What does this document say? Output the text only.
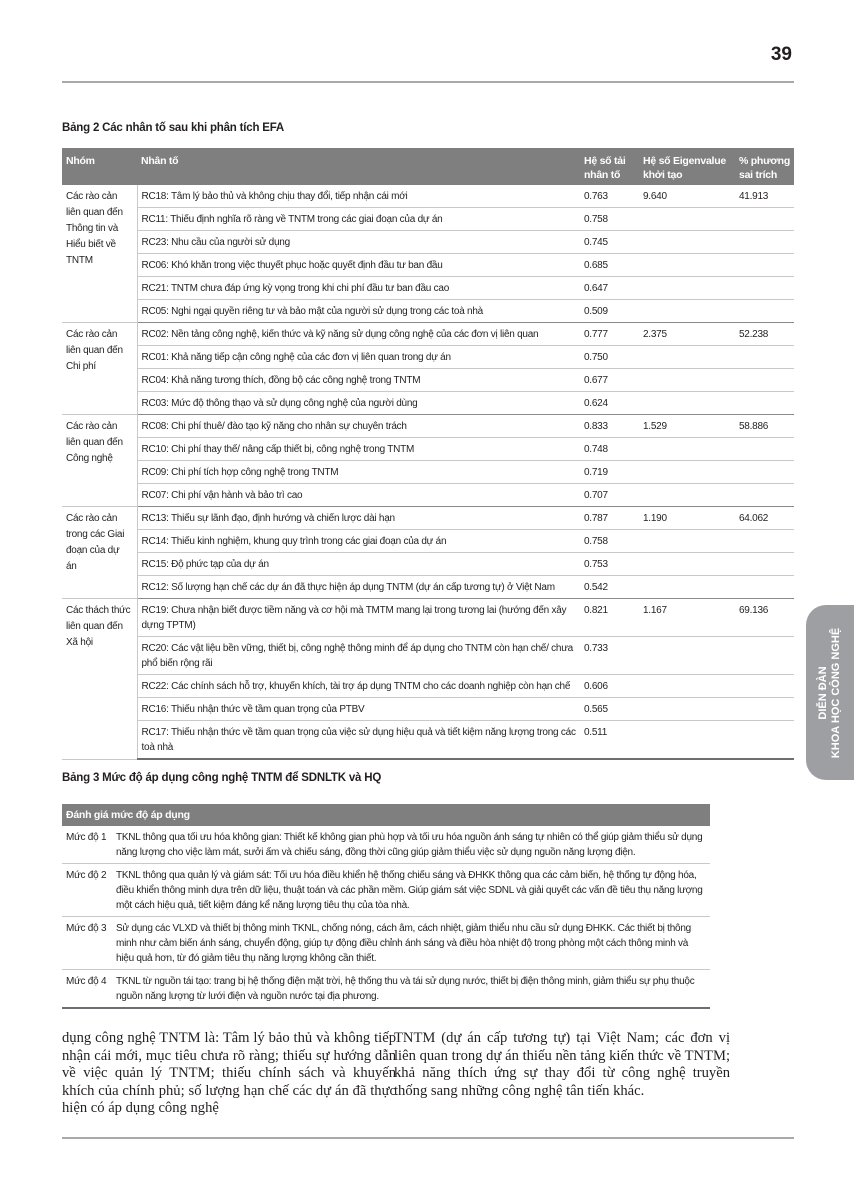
39
Bảng 2 Các nhân tố sau khi phân tích EFA
Nhóm	Nhân tố	Hệ số tải nhân tố	Hệ số Eigenvalue khởi tạo	% phương sai trích
Các rào cản liên quan đến Thông tin và Hiểu biết về TNTM	RC18: Tâm lý bảo thủ và không chịu thay đổi, tiếp nhận cái mới	0.763	9.640	41.913
	RC11: Thiếu định nghĩa rõ ràng về TNTM trong các giai đoạn của dự án	0.758		
	RC23: Nhu cầu của người sử dụng	0.745		
	RC06: Khó khăn trong việc thuyết phục hoặc quyết định đầu tư ban đầu	0.685		
	RC21: TNTM chưa đáp ứng kỳ vọng trong khi chi phí đầu tư ban đầu cao	0.647		
	RC05: Nghi ngại quyền riêng tư và bảo mật của người sử dụng trong các toà nhà	0.509		
Các rào cản liên quan đến Chi phí	RC02: Nền tảng công nghệ, kiến thức và kỹ năng sử dụng công nghệ của các đơn vị liên quan	0.777	2.375	52.238
	RC01: Khả năng tiếp cận công nghệ của các đơn vị liên quan trong dự án	0.750		
	RC04: Khả năng tương thích, đồng bộ các công nghệ trong TNTM	0.677		
	RC03: Mức độ thông thạo và sử dụng công nghệ của người dùng	0.624		
Các rào cản liên quan đến Công nghệ	RC08: Chi phí thuê/ đào tạo kỹ năng cho nhân sự chuyên trách	0.833	1.529	58.886
	RC10: Chi phí thay thế/ nâng cấp thiết bị, công nghệ trong TNTM	0.748		
	RC09: Chi phí tích hợp công nghệ trong TNTM	0.719		
	RC07: Chi phí vận hành và bảo trì cao	0.707		
Các rào cản trong các Giai đoạn của dự án	RC13: Thiếu sự lãnh đạo, định hướng và chiến lược dài hạn	0.787	1.190	64.062
	RC14: Thiếu kinh nghiệm, khung quy trình trong các giai đoạn của dự án	0.758		
	RC15: Độ phức tạp của dự án	0.753		
	RC12: Số lượng hạn chế các dự án đã thực hiện áp dụng TNTM (dự án cấp tương tự) ở Việt Nam	0.542		
Các thách thức liên quan đến Xã hội	RC19: Chưa nhận biết được tiềm năng và cơ hội mà TMTM mang lại trong tương lai (hướng đến xây dựng TPTM)	0.821	1.167	69.136
	RC20: Các vật liệu bền vững, thiết bị, công nghệ thông minh để áp dụng cho TNTM còn hạn chế/ chưa phổ biến rộng rãi	0.733		
	RC22: Các chính sách hỗ trợ, khuyến khích, tài trợ áp dụng TNTM cho các doanh nghiệp còn hạn chế	0.606		
	RC16: Thiếu nhận thức về tầm quan trọng của PTBV	0.565		
	RC17: Thiếu nhận thức về tầm quan trọng của việc sử dụng hiệu quả và tiết kiệm năng lượng trong các toà nhà	0.511		
Bảng 3 Mức độ áp dụng công nghệ TNTM để SDNLTK và HQ
Đánh giá mức độ áp dụng	
Mức độ 1	TKNL thông qua tối ưu hóa không gian: Thiết kế không gian phù hợp và tối ưu hóa nguồn ánh sáng tự nhiên có thể giúp giảm thiểu sử dụng năng lượng cho việc làm mát, sưởi ấm và chiếu sáng, đồng thời cũng giúp giảm thiểu việc sử dụng nguồn năng lượng điện.
Mức độ 2	TKNL thông qua quản lý và giám sát: Tối ưu hóa điều khiển hệ thống chiếu sáng và ĐHKK thông qua các cảm biến, hệ thống tự động hóa, điều khiển thông minh dựa trên dữ liệu, thuật toán và các phần mềm. Giúp giám sát việc SDNL và giải quyết các vấn đề tiêu thụ năng lượng một cách hiệu quả, tiết kiệm đáng kể năng lượng tiêu thụ của tòa nhà.
Mức độ 3	Sử dụng các VLXD và thiết bị thông minh TKNL, chống nóng, cách âm, cách nhiệt, giảm thiểu nhu cầu sử dụng ĐHKK. Các thiết bị thông minh như cảm biến ánh sáng, chuyển động, giúp tự động điều chỉnh ánh sáng và điều hòa nhiệt độ trong phòng một cách thông minh và hiệu quả hơn, từ đó giảm tiêu thụ năng lượng không cần thiết.
Mức độ 4	TKNL từ nguồn tái tạo: trang bị hệ thống điện mặt trời, hệ thống thu và tái sử dụng nước, thiết bị điện thông minh, giảm thiểu sự phụ thuộc nguồn năng lượng từ lưới điện và nguồn nước tại địa phương.
dụng công nghệ TNTM là: Tâm lý bảo thủ và không tiếp nhận cái mới, mục tiêu chưa rõ ràng; thiếu sự hướng dẫn về việc quản lý TNTM; thiếu chính sách và khuyến khích của chính phủ; số lượng hạn chế các dự án đã thực hiện có áp dụng công nghệ
TNTM (dự án cấp tương tự) tại Việt Nam; các đơn vị liên quan trong dự án thiếu nền tảng kiến thức về TNTM; khả năng thích ứng sự thay đổi từ công nghệ truyền thống sang những công nghệ tân tiến khác.
DIỄN ĐÀN KHOA HỌC CÔNG NGHỆ
